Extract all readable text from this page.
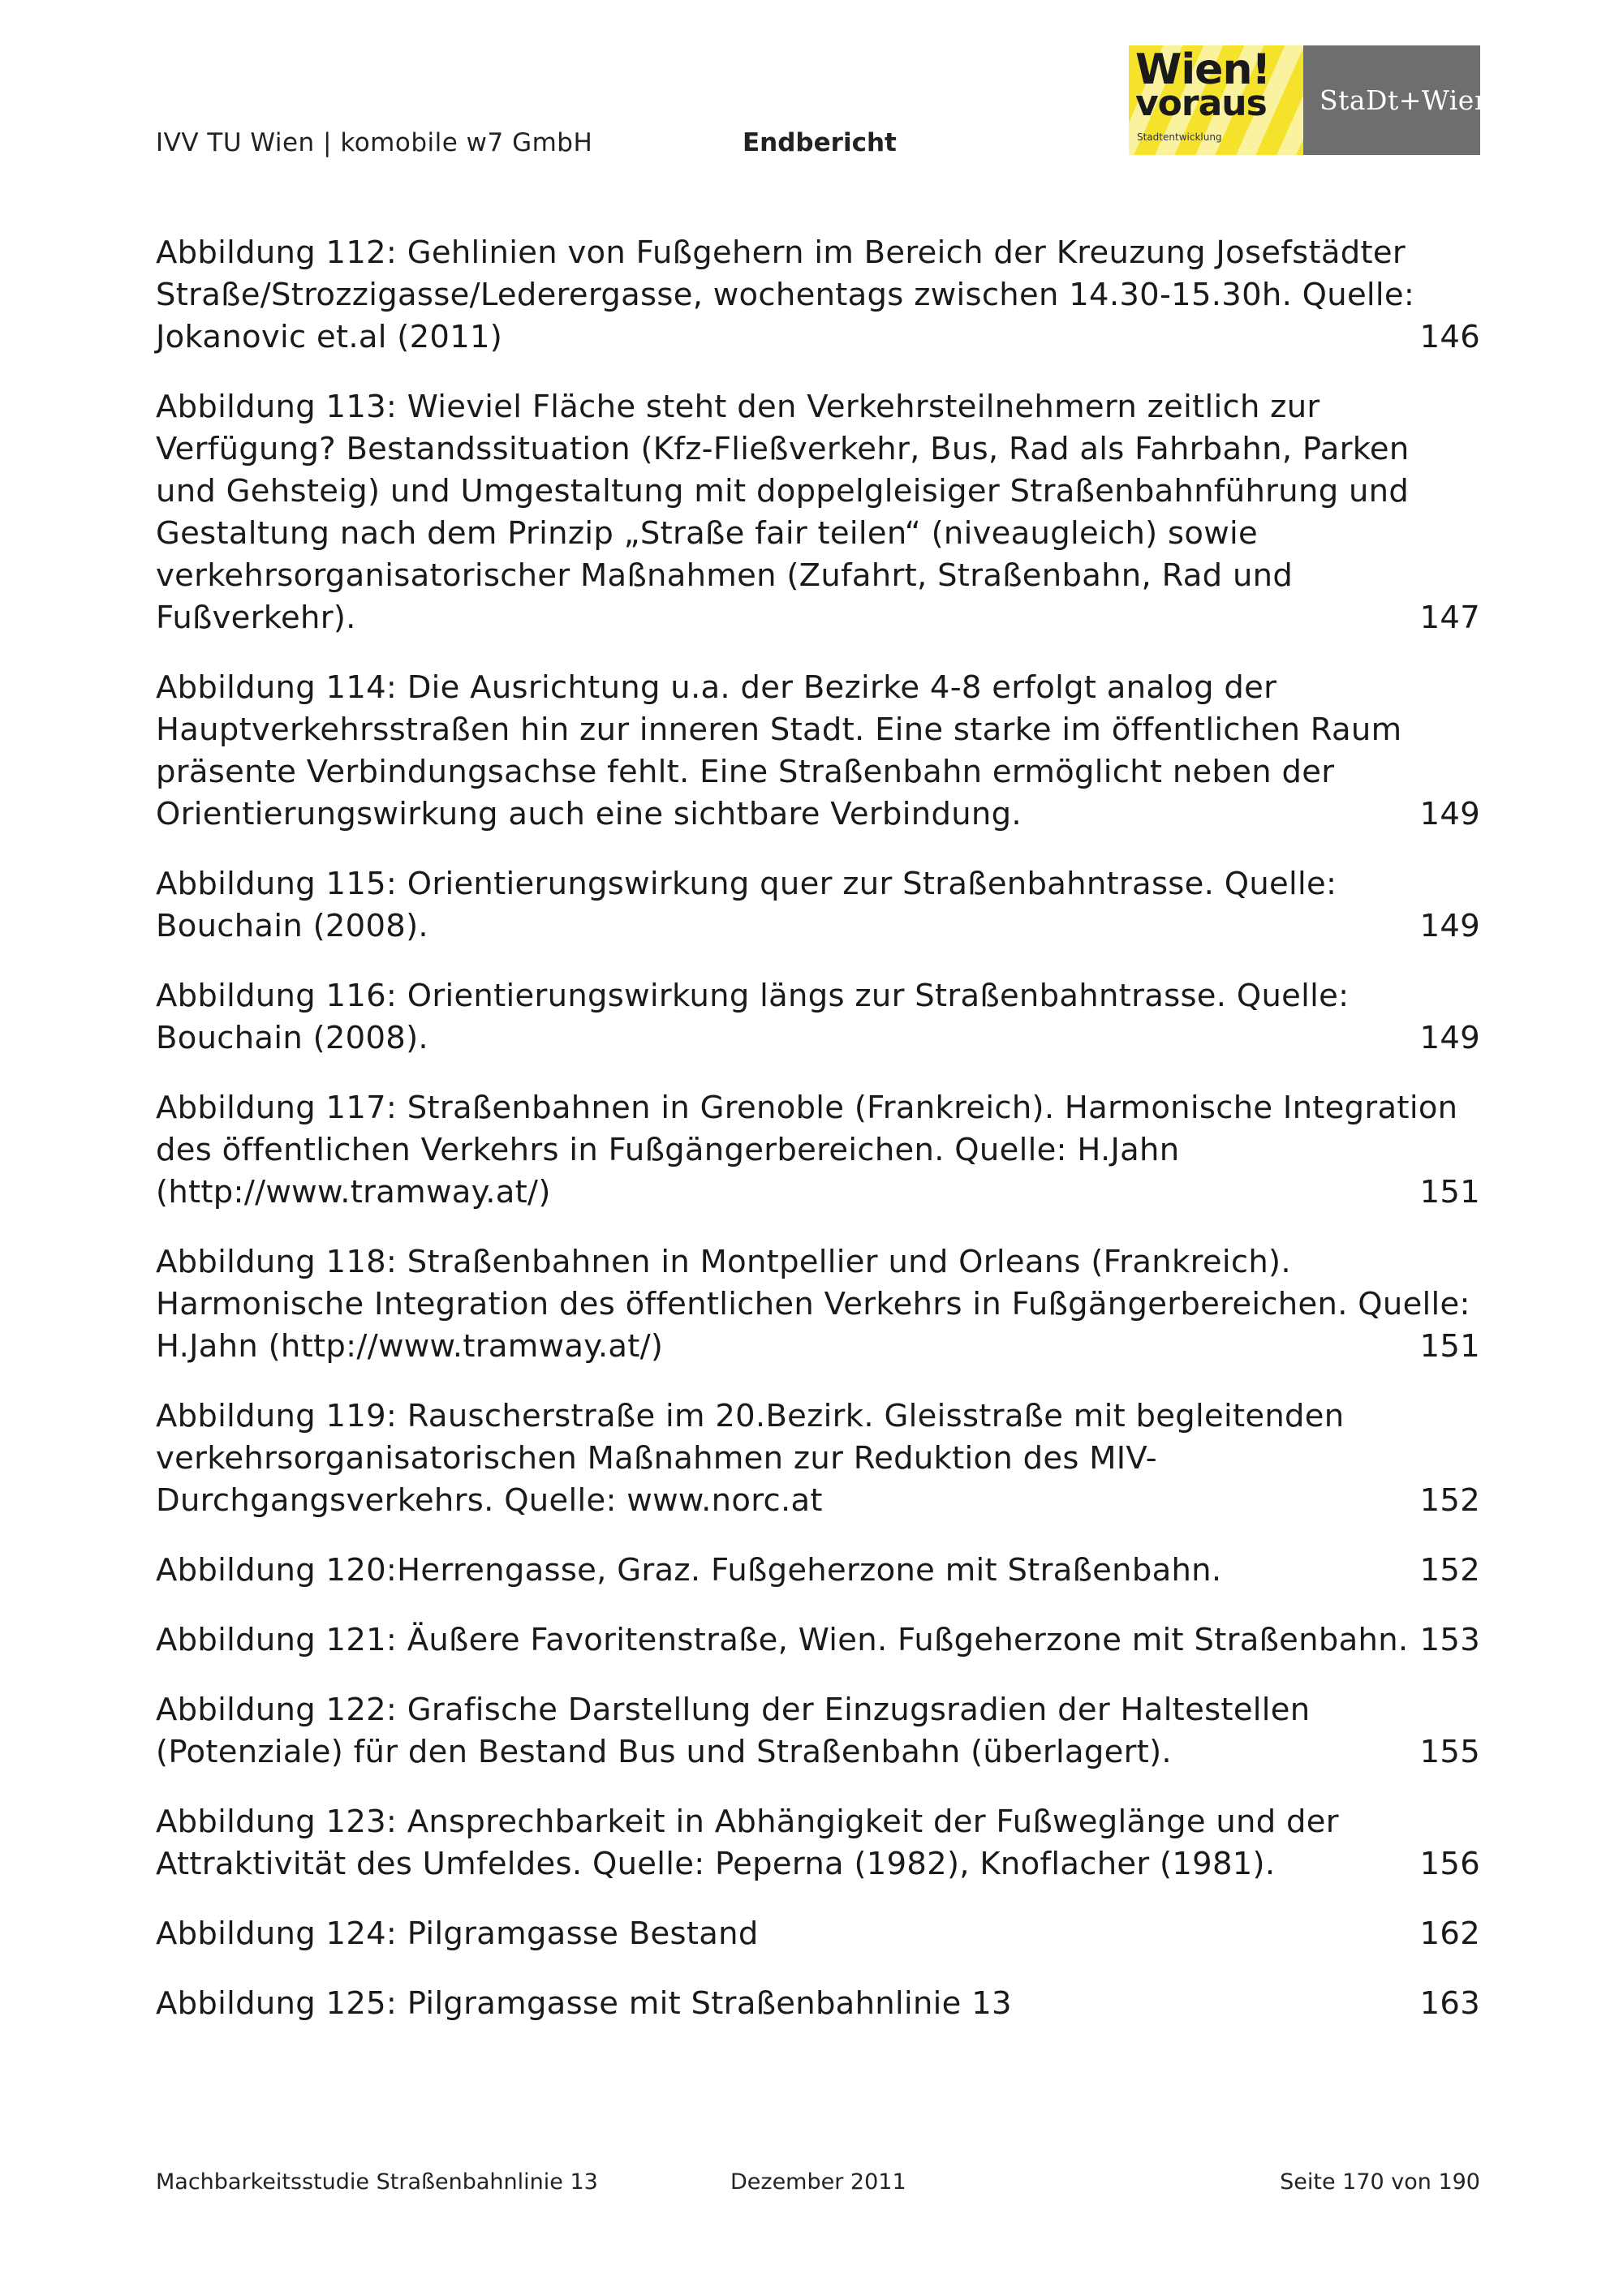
IVV TU Wien | komobile w7 GmbH	Endbericht
Wien!
voraus
Stadtentwicklung
StaDt+Wien
Abbildung 112: Gehlinien von Fußgehern im Bereich der Kreuzung Josefstädter Straße/Strozzigasse/Lederergasse, wochentags zwischen 14.30-15.30h. Quelle: Jokanovic et.al (2011)	146
Abbildung 113: Wieviel Fläche steht den Verkehrsteilnehmern zeitlich zur Verfügung? Bestandssituation (Kfz-Fließverkehr, Bus, Rad als Fahrbahn, Parken und Gehsteig) und Umgestaltung mit doppelgleisiger Straßenbahnführung und Gestaltung nach dem Prinzip „Straße fair teilen“ (niveaugleich) sowie verkehrsorganisatorischer Maßnahmen (Zufahrt, Straßenbahn, Rad und Fußverkehr).	147
Abbildung 114: Die Ausrichtung u.a. der Bezirke 4-8 erfolgt analog der Hauptverkehrsstraßen hin zur inneren Stadt. Eine starke im öffentlichen Raum präsente Verbindungsachse fehlt. Eine Straßenbahn ermöglicht neben der Orientierungswirkung auch eine sichtbare Verbindung.	149
Abbildung 115: Orientierungswirkung quer zur Straßenbahntrasse. Quelle: Bouchain (2008).	149
Abbildung 116: Orientierungswirkung längs zur Straßenbahntrasse. Quelle: Bouchain (2008).	149
Abbildung 117: Straßenbahnen in Grenoble (Frankreich). Harmonische Integration des öffentlichen Verkehrs in Fußgängerbereichen. Quelle: H.Jahn (http://www.tramway.at/)	151
Abbildung 118: Straßenbahnen in Montpellier und Orleans (Frankreich). Harmonische Integration des öffentlichen Verkehrs in Fußgängerbereichen. Quelle: H.Jahn (http://www.tramway.at/)	151
Abbildung 119: Rauscherstraße im 20.Bezirk. Gleisstraße mit begleitenden verkehrsorganisatorischen Maßnahmen zur Reduktion des MIV-Durchgangsverkehrs. Quelle: www.norc.at	152
Abbildung 120:Herrengasse, Graz. Fußgeherzone mit Straßenbahn.	152
Abbildung 121: Äußere Favoritenstraße, Wien. Fußgeherzone mit Straßenbahn. 153
Abbildung 122: Grafische Darstellung der Einzugsradien der Haltestellen (Potenziale) für den Bestand Bus und Straßenbahn (überlagert).	155
Abbildung 123: Ansprechbarkeit in Abhängigkeit der Fußweglänge und der Attraktivität des Umfeldes. Quelle: Peperna (1982), Knoflacher (1981).	156
Abbildung 124: Pilgramgasse Bestand	162
Abbildung 125: Pilgramgasse mit Straßenbahnlinie 13	163
Machbarkeitsstudie Straßenbahnlinie 13	Dezember 2011	Seite 170 von 190
